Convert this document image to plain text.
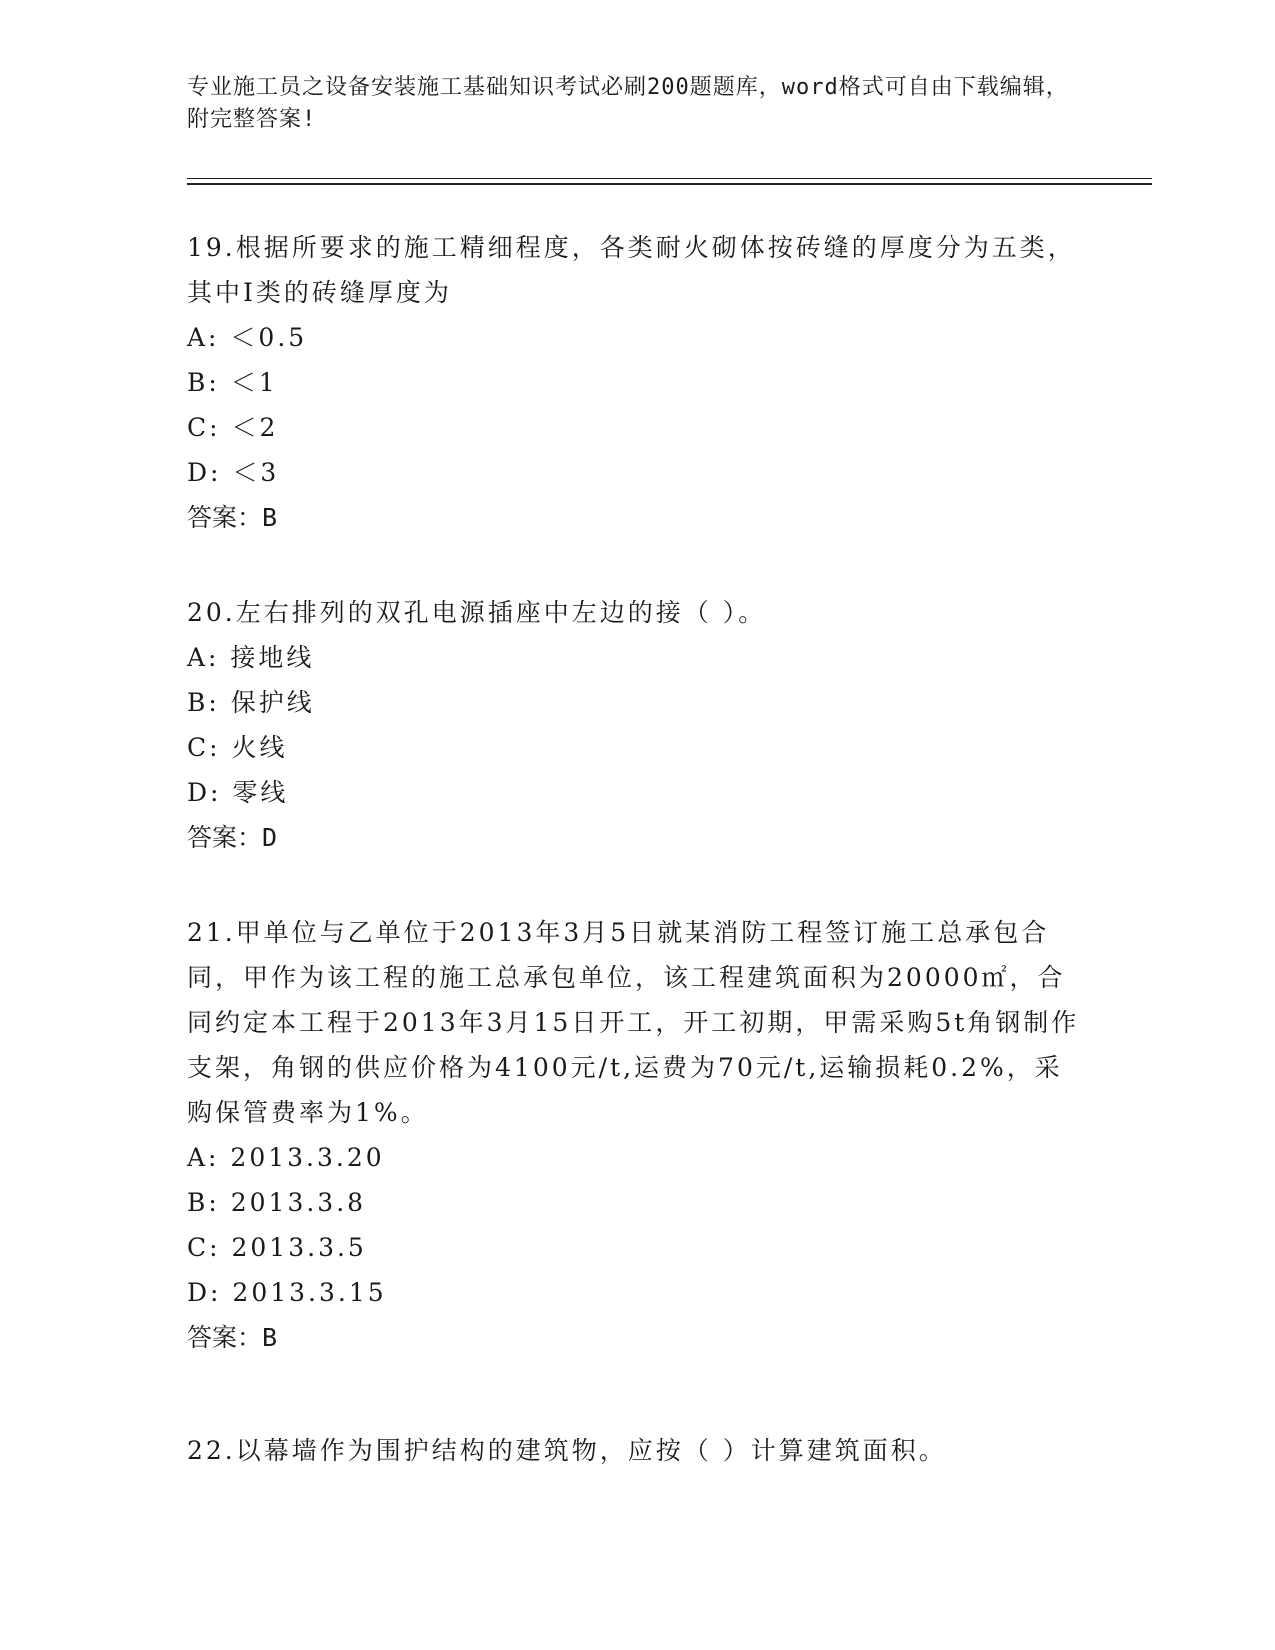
专业施工员之设备安装施工基础知识考试必刷200题题库，word格式可自由下载编辑，附完整答案!

19.根据所要求的施工精细程度，各类耐火砌体按砖缝的厚度分为五类，其中I类的砖缝厚度为

A: ＜0.5
B: ＜1
C: ＜2
D: ＜3
答案：B

20.左右排列的双孔电源插座中左边的接（ ）。

A: 接地线
B: 保护线
C: 火线
D: 零线
答案：D

21.甲单位与乙单位于2013年3月5日就某消防工程签订施工总承包合同，甲作为该工程的施工总承包单位，该工程建筑面积为20000㎡，合同约定本工程于2013年3月15日开工，开工初期，甲需采购5t角钢制作支架，角钢的供应价格为4100元/t,运费为70元/t,运输损耗0.2%，采购保管费率为1%。

A: 2013.3.20
B: 2013.3.8
C: 2013.3.5
D: 2013.3.15
答案：B

22.以幕墙作为围护结构的建筑物，应按（ ）计算建筑面积。
